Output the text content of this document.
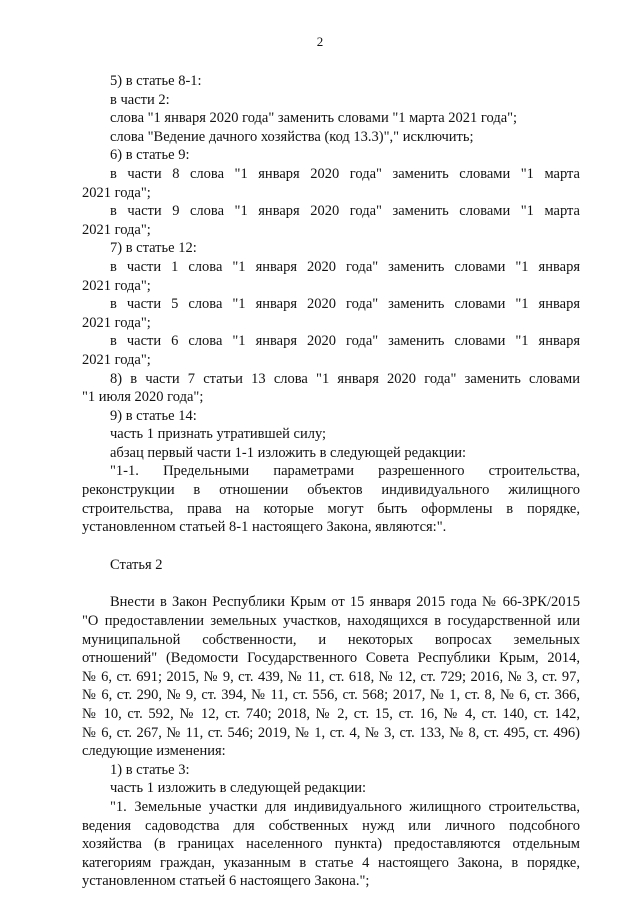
2
5) в статье 8-1:
в части 2:
слова "1 января 2020 года" заменить словами "1 марта 2021 года";
слова "Ведение дачного хозяйства (код 13.3)"," исключить;
6) в статье 9:
в части 8 слова "1 января 2020 года" заменить словами "1 марта
2021 года";
в части 9 слова "1 января 2020 года" заменить словами "1 марта
2021 года";
7) в статье 12:
в части 1 слова "1 января 2020 года" заменить словами "1 января
2021 года";
в части 5 слова "1 января 2020 года" заменить словами "1 января
2021 года";
в части 6 слова "1 января 2020 года" заменить словами "1 января
2021 года";
8) в части 7 статьи 13 слова "1 января 2020 года" заменить словами
"1 июля 2020 года";
9) в статье 14:
часть 1 признать утратившей силу;
абзац первый части 1-1 изложить в следующей редакции:
"1-1. Предельными параметрами разрешенного строительства,
реконструкции в отношении объектов индивидуального жилищного
строительства, права на которые могут быть оформлены в порядке,
установленном статьей 8-1 настоящего Закона, являются:".
Статья 2
Внести в Закон Республики Крым от 15 января 2015 года № 66-ЗРК/2015
"О предоставлении земельных участков, находящихся в государственной или
муниципальной собственности, и некоторых вопросах земельных
отношений" (Ведомости Государственного Совета Республики Крым, 2014,
№ 6, ст. 691; 2015, № 9, ст. 439, № 11, ст. 618, № 12, ст. 729; 2016, № 3, ст. 97,
№ 6, ст. 290, № 9, ст. 394, № 11, ст. 556, ст. 568; 2017, № 1, ст. 8, № 6, ст. 366,
№ 10, ст. 592, № 12, ст. 740; 2018, № 2, ст. 15, ст. 16, № 4, ст. 140, ст. 142,
№ 6, ст. 267, № 11, ст. 546; 2019, № 1, ст. 4, № 3, ст. 133, № 8, ст. 495, ст. 496)
следующие изменения:
1) в статье 3:
часть 1 изложить в следующей редакции:
"1. Земельные участки для индивидуального жилищного строительства,
ведения садоводства для собственных нужд или личного подсобного
хозяйства (в границах населенного пункта) предоставляются отдельным
категориям граждан, указанным в статье 4 настоящего Закона, в порядке,
установленном статьей 6 настоящего Закона.";
